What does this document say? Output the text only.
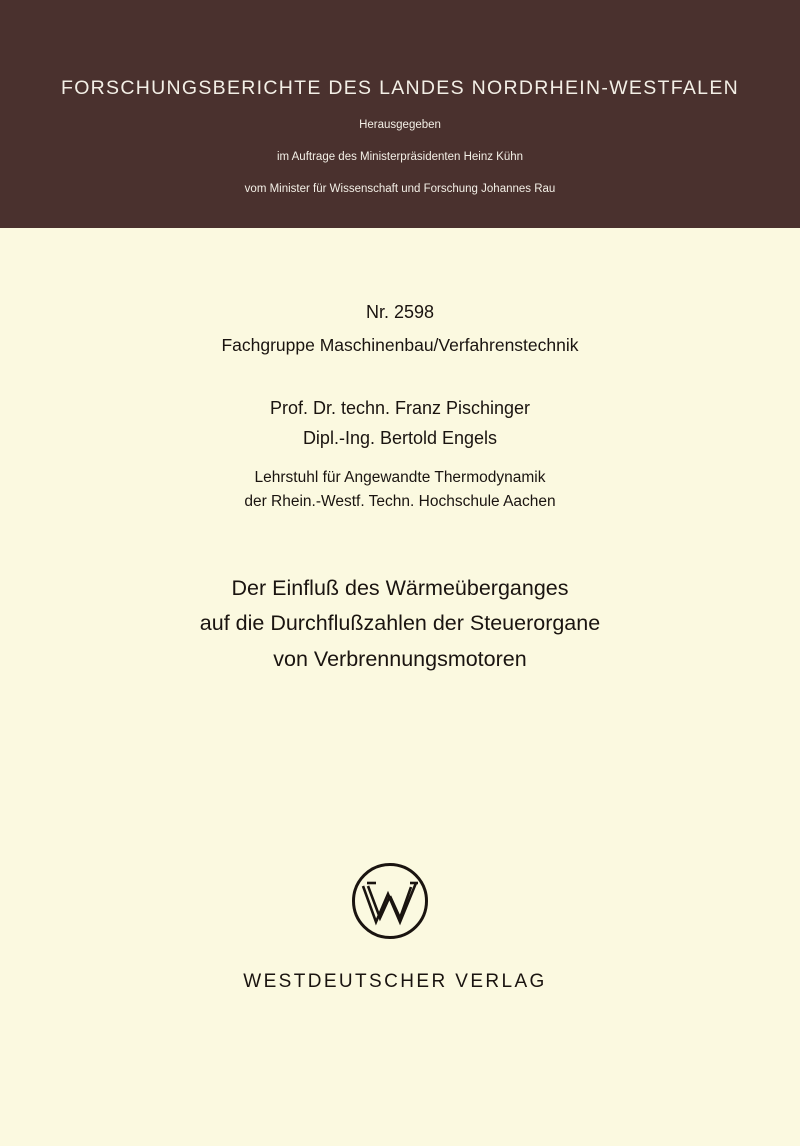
FORSCHUNGSBERICHTE DES LANDES NORDRHEIN-WESTFALEN
Herausgegeben
im Auftrage des Ministerpräsidenten Heinz Kühn
vom Minister für Wissenschaft und Forschung Johannes Rau
Nr. 2598
Fachgruppe Maschinenbau/Verfahrenstechnik
Prof. Dr. techn. Franz Pischinger
Dipl.-Ing. Bertold Engels
Lehrstuhl für Angewandte Thermodynamik
der Rhein.-Westf. Techn. Hochschule Aachen
Der Einfluß des Wärmeüberganges
auf die Durchflußzahlen der Steuerorgane
von Verbrennungsmotoren
WESTDEUTSCHER VERLAG
